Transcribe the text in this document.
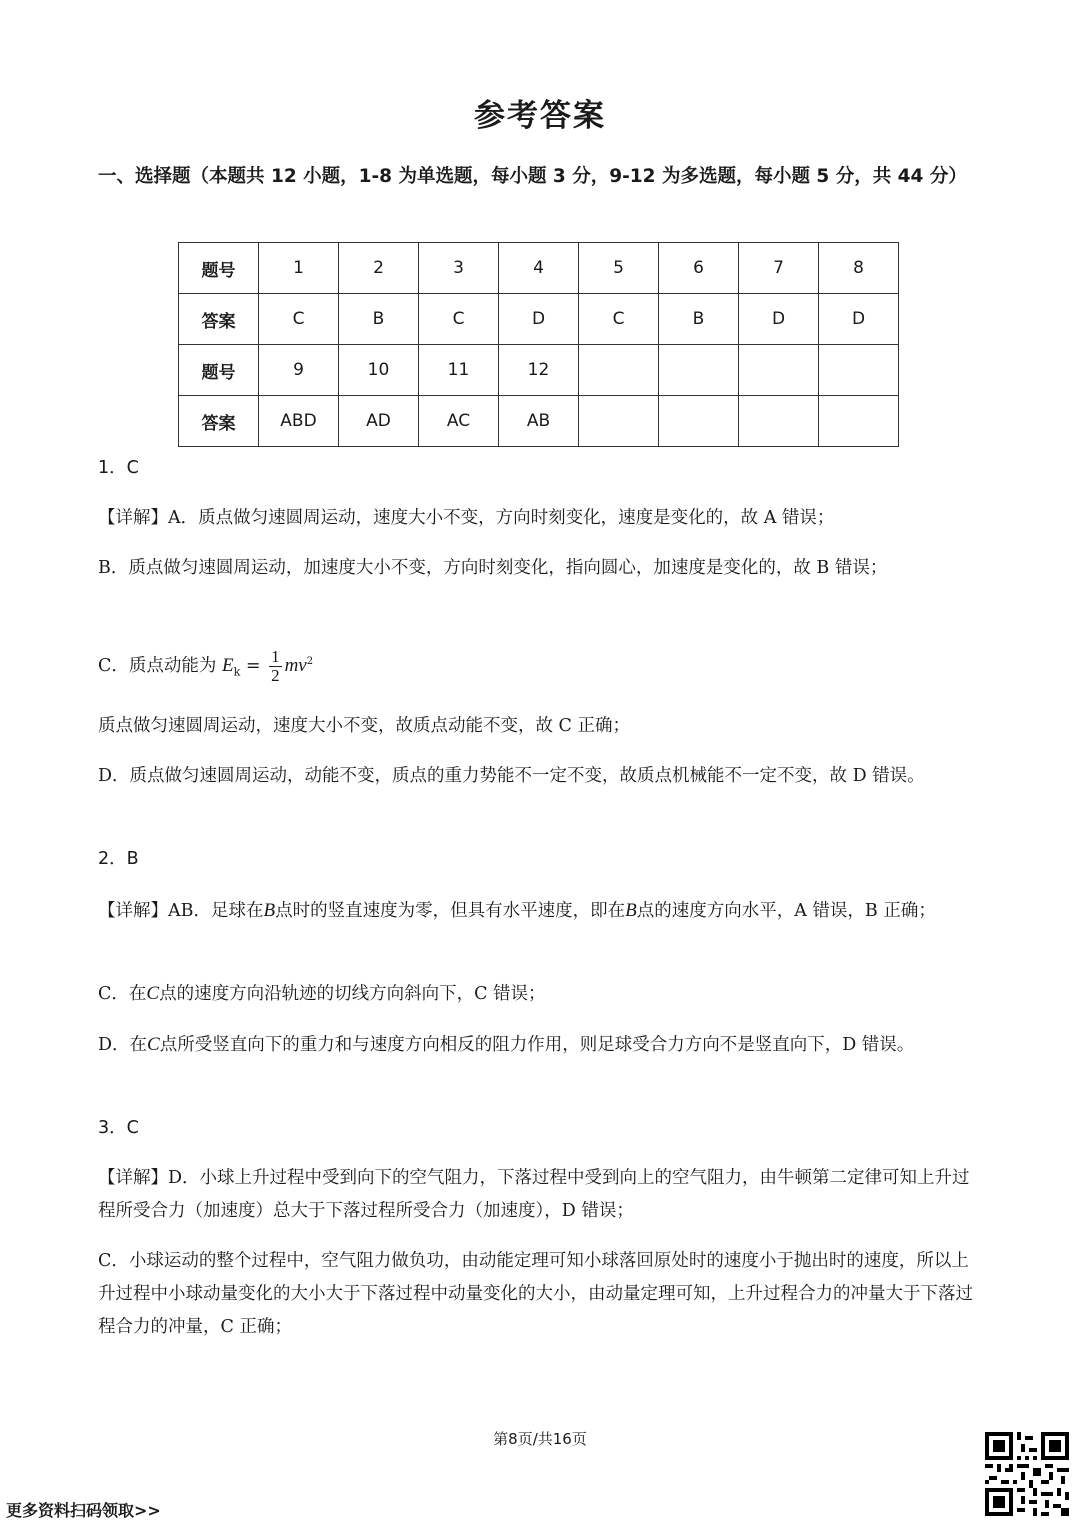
参考答案
一、选择题（本题共 12 小题，1-8 为单选题，每小题 3 分，9-12 为多选题，每小题 5 分，共 44 分）
题号	1	2	3	4	5	6	7	8
答案	C	B	C	D	C	B	D	D
题号	9	10	11	12				
答案	ABD	AD	AC	AB				
1．C
【详解】A．质点做匀速圆周运动，速度大小不变，方向时刻变化，速度是变化的，故 A 错误；
B．质点做匀速圆周运动，加速度大小不变，方向时刻变化，指向圆心，加速度是变化的，故 B 错误；
C．质点动能为 $E_k = \frac{1}{2} mv^2$
质点做匀速圆周运动，速度大小不变，故质点动能不变，故 C 正确；
D．质点做匀速圆周运动，动能不变，质点的重力势能不一定不变，故质点机械能不一定不变，故 D 错误。
2．B
【详解】AB．足球在B点时的竖直速度为零，但具有水平速度，即在B点的速度方向水平，A 错误，B 正确；
C．在C点的速度方向沿轨迹的切线方向斜向下，C 错误；
D．在C点所受竖直向下的重力和与速度方向相反的阻力作用，则足球受合力方向不是竖直向下，D 错误。
3．C
【详解】D．小球上升过程中受到向下的空气阻力，下落过程中受到向上的空气阻力，由牛顿第二定律可知上升过程所受合力（加速度）总大于下落过程所受合力（加速度），D 错误；
C．小球运动的整个过程中，空气阻力做负功，由动能定理可知小球落回原处时的速度小于抛出时的速度，所以上升过程中小球动量变化的大小大于下落过程中动量变化的大小，由动量定理可知，上升过程合力的冲量大于下落过程合力的冲量，C 正确；
第8页/共16页
更多资料扫码领取>>
